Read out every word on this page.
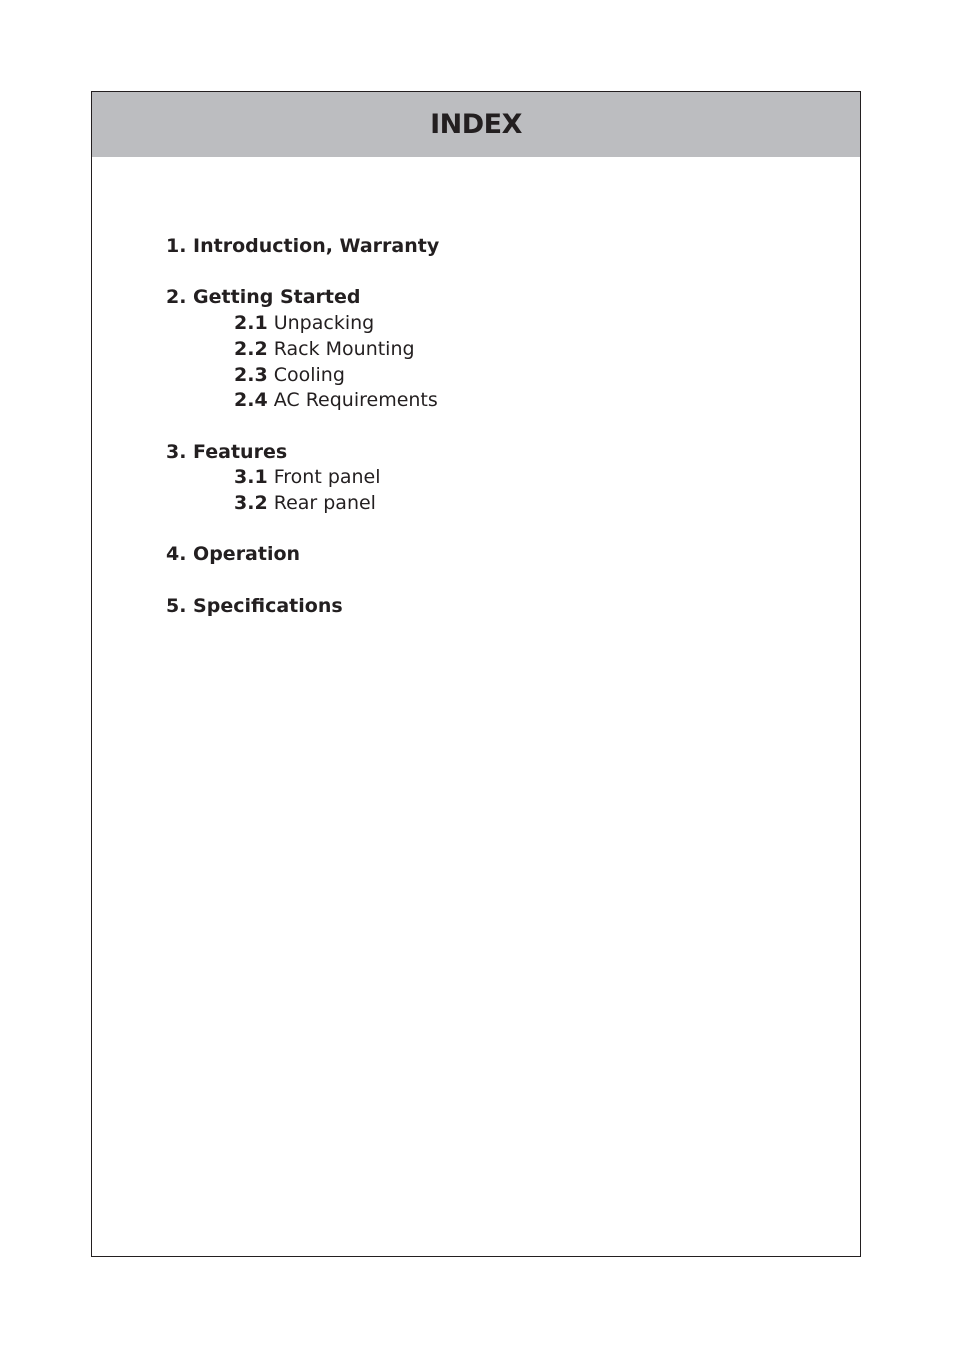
INDEX
1. Introduction, Warranty
2. Getting Started
2.1 Unpacking
2.2 Rack Mounting
2.3 Cooling
2.4 AC Requirements
3. Features
3.1 Front panel
3.2 Rear panel
4. Operation
5. Specifications
